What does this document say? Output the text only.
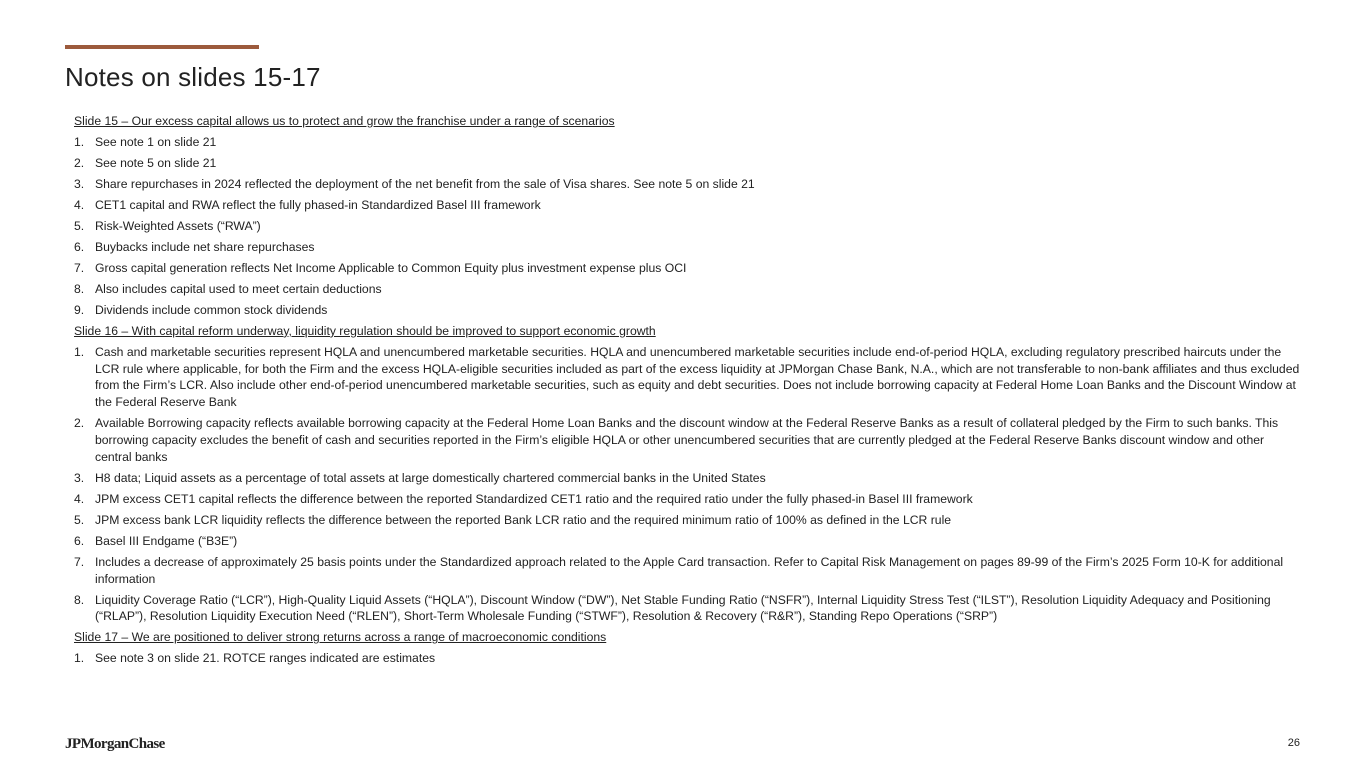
Notes on slides 15-17
Slide 15 – Our excess capital allows us to protect and grow the franchise under a range of scenarios
1. See note 1 on slide 21
2. See note 5 on slide 21
3. Share repurchases in 2024 reflected the deployment of the net benefit from the sale of Visa shares. See note 5 on slide 21
4. CET1 capital and RWA reflect the fully phased-in Standardized Basel III framework
5. Risk-Weighted Assets (“RWA”)
6. Buybacks include net share repurchases
7. Gross capital generation reflects Net Income Applicable to Common Equity plus investment expense plus OCI
8. Also includes capital used to meet certain deductions
9. Dividends include common stock dividends
Slide 16 – With capital reform underway, liquidity regulation should be improved to support economic growth
1. Cash and marketable securities represent HQLA and unencumbered marketable securities. HQLA and unencumbered marketable securities include end-of-period HQLA, excluding regulatory prescribed haircuts under the LCR rule where applicable, for both the Firm and the excess HQLA-eligible securities included as part of the excess liquidity at JPMorgan Chase Bank, N.A., which are not transferable to non-bank affiliates and thus excluded from the Firm’s LCR. Also include other end-of-period unencumbered marketable securities, such as equity and debt securities. Does not include borrowing capacity at Federal Home Loan Banks and the Discount Window at the Federal Reserve Bank
2. Available Borrowing capacity reflects available borrowing capacity at the Federal Home Loan Banks and the discount window at the Federal Reserve Banks as a result of collateral pledged by the Firm to such banks. This borrowing capacity excludes the benefit of cash and securities reported in the Firm’s eligible HQLA or other unencumbered securities that are currently pledged at the Federal Reserve Banks discount window and other central banks
3. H8 data; Liquid assets as a percentage of total assets at large domestically chartered commercial banks in the United States
4. JPM excess CET1 capital reflects the difference between the reported Standardized CET1 ratio and the required ratio under the fully phased-in Basel III framework
5. JPM excess bank LCR liquidity reflects the difference between the reported Bank LCR ratio and the required minimum ratio of 100% as defined in the LCR rule
6. Basel III Endgame (“B3E”)
7. Includes a decrease of approximately 25 basis points under the Standardized approach related to the Apple Card transaction. Refer to Capital Risk Management on pages 89-99 of the Firm’s 2025 Form 10-K for additional information
8. Liquidity Coverage Ratio (“LCR”), High-Quality Liquid Assets (“HQLA”), Discount Window (“DW”), Net Stable Funding Ratio (“NSFR”), Internal Liquidity Stress Test (“ILST”), Resolution Liquidity Adequacy and Positioning (“RLAP”), Resolution Liquidity Execution Need (“RLEN”), Short-Term Wholesale Funding (“STWF”), Resolution & Recovery (“R&R”), Standing Repo Operations (“SRP”)
Slide 17 – We are positioned to deliver strong returns across a range of macroeconomic conditions
1. See note 3 on slide 21. ROTCE ranges indicated are estimates
JPMorganChase	26
